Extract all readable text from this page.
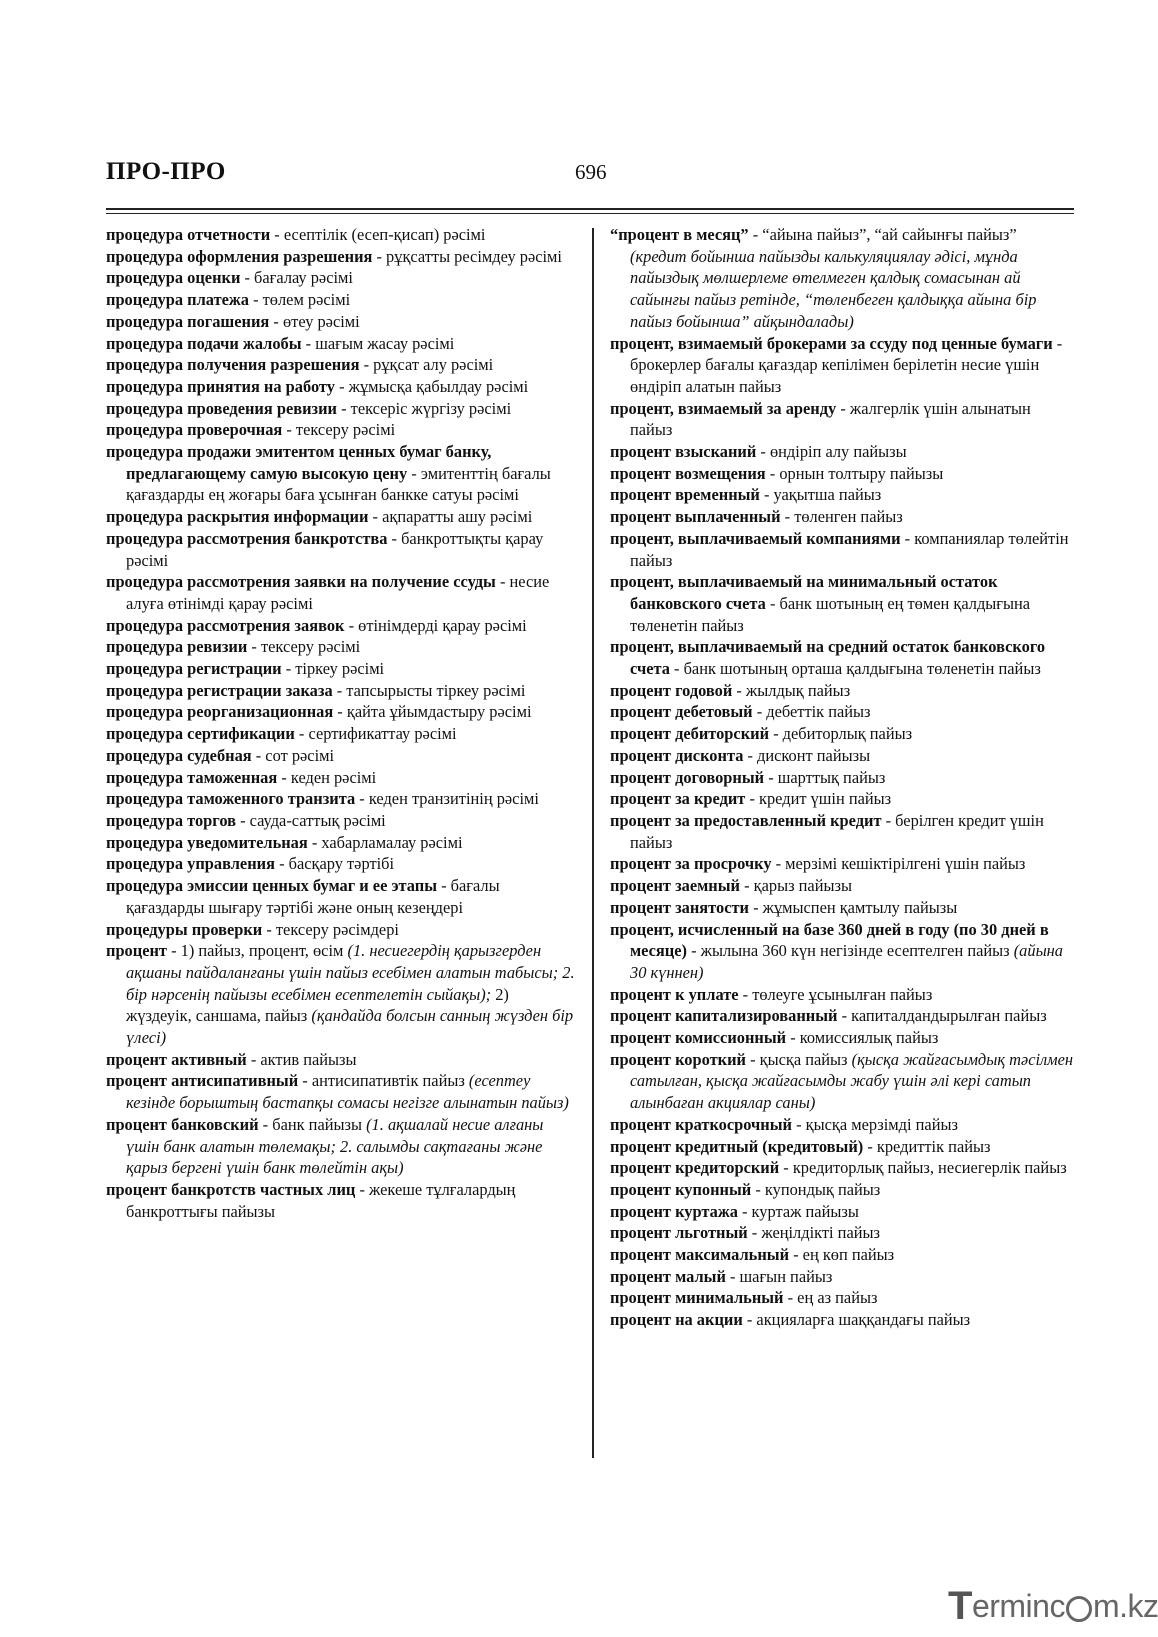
ПРО-ПРО	696

процедура отчетности - есептілік (есеп-қисап) рәсімі

процедура оформления разрешения - рұқсатты ресімдеу рәсімі

процедура оценки - бағалау рәсімі

процедура платежа - төлем рәсімі

процедура погашения - өтеу рәсімі

процедура подачи жалобы - шағым жасау рәсімі

процедура получения разрешения - рұқсат алу рәсімі

процедура принятия на работу - жұмысқа қабылдау рәсімі

процедура проведения ревизии - тексеріс жүргізу рәсімі

процедура проверочная - тексеру рәсімі

процедура продажи эмитентом ценных бумаг банку, предлагающему самую высокую цену - эмитенттің бағалы қағаздарды ең жоғары баға ұсынған банкке сатуы рәсімі

процедура раскрытия информации - ақпаратты ашу рәсімі

процедура рассмотрения банкротства - банкроттықты қарау рәсімі

процедура рассмотрения заявки на получение ссуды - несие алуға өтінімді қарау рәсімі

процедура рассмотрения заявок - өтінімдерді қарау рәсімі

процедура ревизии - тексеру рәсімі

процедура регистрации - тіркеу рәсімі

процедура регистрации заказа - тапсырысты тіркеу рәсімі

процедура реорганизационная - қайта ұйымдастыру рәсімі

процедура сертификации - сертификаттау рәсімі

процедура судебная - сот рәсімі

процедура таможенная - кеден рәсімі

процедура таможенного транзита - кеден транзитінің рәсімі

процедура торгов - сауда-саттық рәсімі

процедура уведомительная - хабарламалау рәсімі

процедура управления - басқару тәртібі

процедура эмиссии ценных бумаг и ее этапы - бағалы қағаздарды шығару тәртібі және оның кезеңдері

процедуры проверки - тексеру рәсімдері

процент - 1) пайыз, процент, өсім (1. несиегердің қарызгерден ақшаны пайдаланғаны үшін пайыз есебімен алатын табысы; 2. бір нәрсенің пайызы есебімен есептелетін сыйақы); 2) жүздеуік, саншама, пайыз (қандайда болсын санның жүзден бір үлесі)

процент активный - актив пайызы

процент антисипативный - антисипативтік пайыз (есептеу кезінде борыштың бастапқы сомасы негізге алынатын пайыз)

процент банковский - банк пайызы (1. ақшалай несие алғаны үшін банк алатын төлемақы; 2. салымды сақтағаны және қарыз бергені үшін банк төлейтін ақы)

процент банкротств частных лиц - жекеше тұлғалардың банкроттығы пайызы

“процент в месяц” - “айына пайыз”, “ай сайынғы пайыз” (кредит бойынша пайызды калькуляциялау әдісі, мұнда пайыздық мөлшерлеме өтелмеген қалдық сомасынан ай сайынғы пайыз ретінде, “төленбеген қалдыққа айына бір пайыз бойынша” айқындалады)

процент, взимаемый брокерами за ссуду под ценные бумаги - брокерлер бағалы қағаздар кепілімен берілетін несие үшін өндіріп алатын пайыз

процент, взимаемый за аренду - жалгерлік үшін алынатын пайыз

процент взысканий - өндіріп алу пайызы

процент возмещения - орнын толтыру пайызы

процент временный - уақытша пайыз

процент выплаченный - төленген пайыз

процент, выплачиваемый компаниями - компаниялар төлейтін пайыз

процент, выплачиваемый на минимальный остаток банковского счета - банк шотының ең төмен қалдығына төленетін пайыз

процент, выплачиваемый на средний остаток банковского счета - банк шотының орташа қалдығына төленетін пайыз

процент годовой - жылдық пайыз

процент дебетовый - дебеттік пайыз

процент дебиторский - дебиторлық пайыз

процент дисконта - дисконт пайызы

процент договорный - шарттық пайыз

процент за кредит - кредит үшін пайыз

процент за предоставленный кредит - берілген кредит үшін пайыз

процент за просрочку - мерзімі кешіктірілгені үшін пайыз

процент заемный - қарыз пайызы

процент занятости - жұмыспен қамтылу пайызы

процент, исчисленный на базе 360 дней в году (по 30 дней в месяце) - жылына 360 күн негізінде есептелген пайыз (айына 30 күннен)

процент к уплате - төлеуге ұсынылған пайыз

процент капитализированный - капиталдандырылған пайыз

процент комиссионный - комиссиялық пайыз

процент короткий - қысқа пайыз (қысқа жайғасымдық тәсілмен сатылған, қысқа жайғасымды жабу үшін әлі кері сатып алынбаған акциялар саны)

процент краткосрочный - қысқа мерзімді пайыз

процент кредитный (кредитовый) - кредиттік пайыз

процент кредиторский - кредиторлық пайыз, несиегерлік пайыз

процент купонный - купондық пайыз

процент куртажа - куртаж пайызы

процент льготный - жеңілдікті пайыз

процент максимальный - ең көп пайыз

процент малый - шағын пайыз

процент минимальный - ең аз пайыз

процент на акции - акцияларға шаққандағы пайыз

T erminc m.kz
